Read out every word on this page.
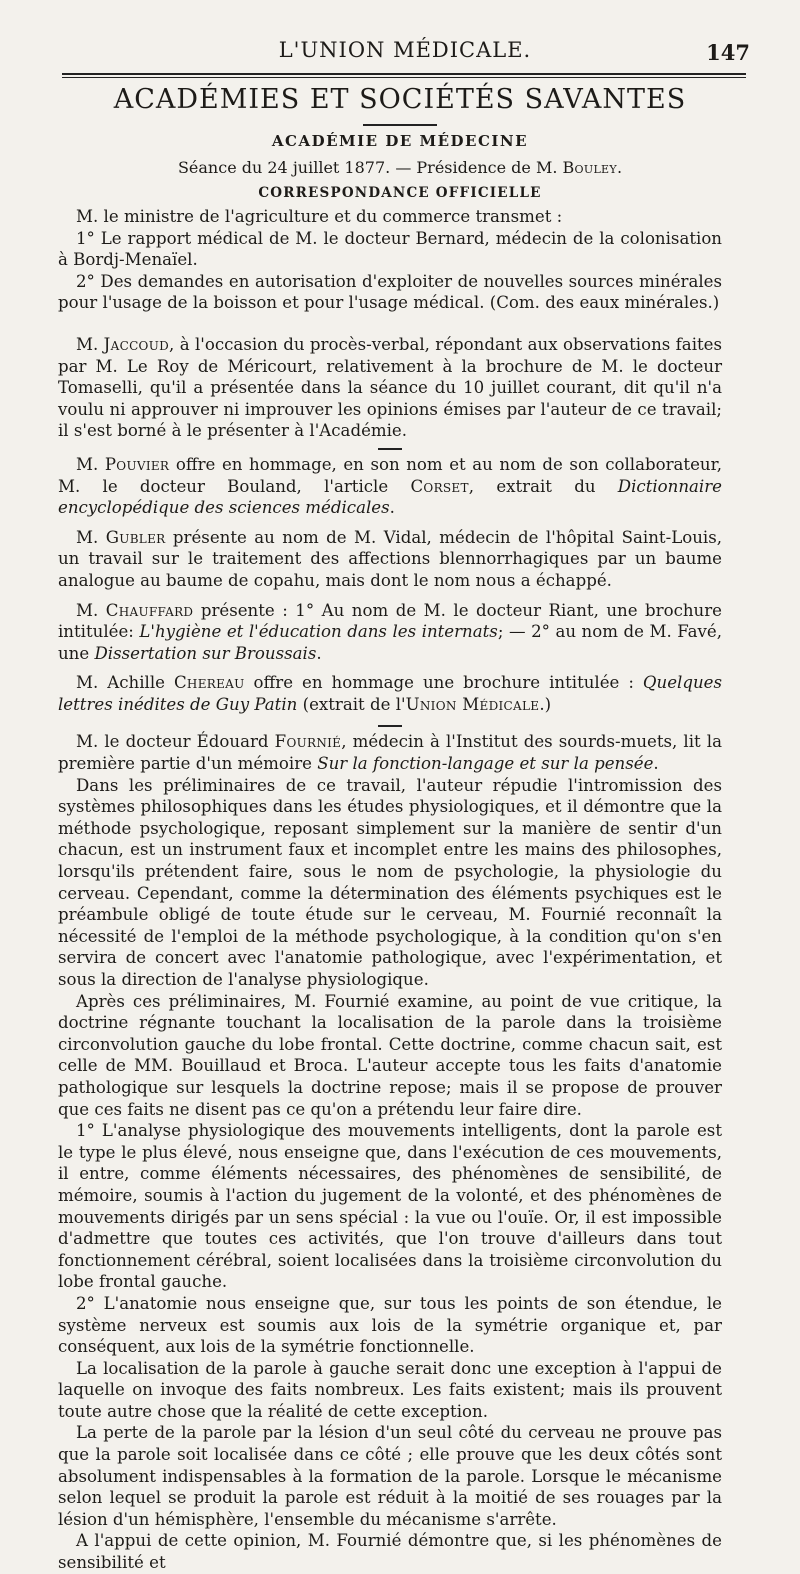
L'UNION MÉDICALE.	147
ACADÉMIES ET SOCIÉTÉS SAVANTES
ACADÉMIE DE MÉDECINE
Séance du 24 juillet 1877. — Présidence de M. Bouley.
CORRESPONDANCE OFFICIELLE

M. le ministre de l'agriculture et du commerce transmet :

1° Le rapport médical de M. le docteur Bernard, médecin de la colonisation à Bordj-Menaïel.

2° Des demandes en autorisation d'exploiter de nouvelles sources minérales pour l'usage de la boisson et pour l'usage médical. (Com. des eaux minérales.)

M. Jaccoud, à l'occasion du procès-verbal, répondant aux observations faites par M. Le Roy de Méricourt, relativement à la brochure de M. le docteur Tomaselli, qu'il a présentée dans la séance du 10 juillet courant, dit qu'il n'a voulu ni approuver ni improuver les opinions émises par l'auteur de ce travail; il s'est borné à le présenter à l'Académie.

M. Pouvier offre en hommage, en son nom et au nom de son collaborateur, M. le docteur Bouland, l'article Corset, extrait du Dictionnaire encyclopédique des sciences médicales.

M. Gubler présente au nom de M. Vidal, médecin de l'hôpital Saint-Louis, un travail sur le traitement des affections blennorrhagiques par un baume analogue au baume de copahu, mais dont le nom nous a échappé.

M. Chauffard présente : 1° Au nom de M. le docteur Riant, une brochure intitulée: L'hygiène et l'éducation dans les internats; — 2° au nom de M. Favé, une Dissertation sur Broussais.

M. Achille Chereau offre en hommage une brochure intitulée : Quelques lettres inédites de Guy Patin (extrait de l'Union Médicale.)

M. le docteur Édouard Fournié, médecin à l'Institut des sourds-muets, lit la première partie d'un mémoire Sur la fonction-langage et sur la pensée.

Dans les préliminaires de ce travail, l'auteur répudie l'intromission des systèmes philosophiques dans les études physiologiques, et il démontre que la méthode psychologique, reposant simplement sur la manière de sentir d'un chacun, est un instrument faux et incomplet entre les mains des philosophes, lorsqu'ils prétendent faire, sous le nom de psychologie, la physiologie du cerveau. Cependant, comme la détermination des éléments psychiques est le préambule obligé de toute étude sur le cerveau, M. Fournié reconnaît la nécessité de l'emploi de la méthode psychologique, à la condition qu'on s'en servira de concert avec l'anatomie pathologique, avec l'expérimentation, et sous la direction de l'analyse physiologique.

Après ces préliminaires, M. Fournié examine, au point de vue critique, la doctrine régnante touchant la localisation de la parole dans la troisième circonvolution gauche du lobe frontal. Cette doctrine, comme chacun sait, est celle de MM. Bouillaud et Broca. L'auteur accepte tous les faits d'anatomie pathologique sur lesquels la doctrine repose; mais il se propose de prouver que ces faits ne disent pas ce qu'on a prétendu leur faire dire.

1° L'analyse physiologique des mouvements intelligents, dont la parole est le type le plus élevé, nous enseigne que, dans l'exécution de ces mouvements, il entre, comme éléments nécessaires, des phénomènes de sensibilité, de mémoire, soumis à l'action du jugement de la volonté, et des phénomènes de mouvements dirigés par un sens spécial : la vue ou l'ouïe. Or, il est impossible d'admettre que toutes ces activités, que l'on trouve d'ailleurs dans tout fonctionnement cérébral, soient localisées dans la troisième circonvolution du lobe frontal gauche.

2° L'anatomie nous enseigne que, sur tous les points de son étendue, le système nerveux est soumis aux lois de la symétrie organique et, par conséquent, aux lois de la symétrie fonctionnelle.

La localisation de la parole à gauche serait donc une exception à l'appui de laquelle on invoque des faits nombreux. Les faits existent; mais ils prouvent toute autre chose que la réalité de cette exception.

La perte de la parole par la lésion d'un seul côté du cerveau ne prouve pas que la parole soit localisée dans ce côté ; elle prouve que les deux côtés sont absolument indispensables à la formation de la parole. Lorsque le mécanisme selon lequel se produit la parole est réduit à la moitié de ses rouages par la lésion d'un hémisphère, l'ensemble du mécanisme s'arrête.

A l'appui de cette opinion, M. Fournié démontre que, si les phénomènes de sensibilité et
